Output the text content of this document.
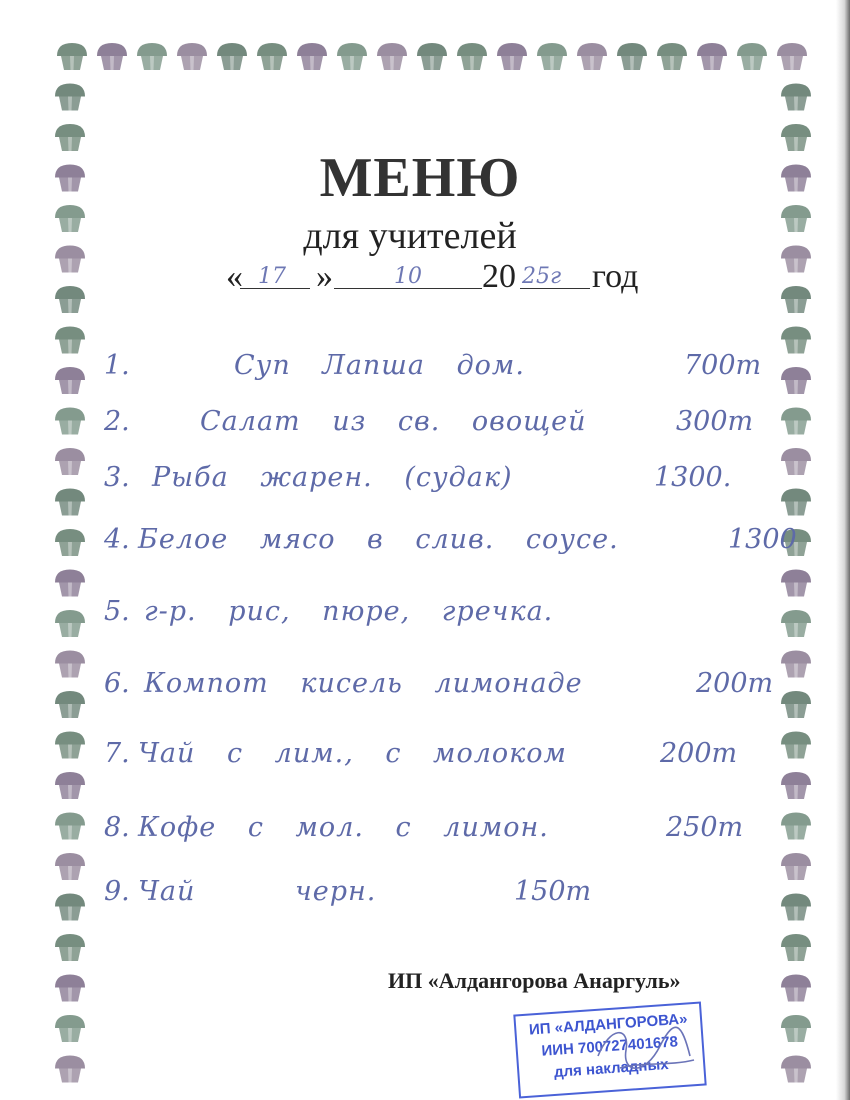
МЕНЮ
для учителей
« 17 »	10 20 25г год
1.	Суп Лапша дом.	700т
2.	Салат из св. овощей	300т
3. Рыба жарен. (судак)	1300.
4. Белое мясо в слив. соусе.	1300
5. г-р. рис, пюре, гречка.
6. Компот кисель лимонаде	200т
7. Чай с лим., с молоком	200т
8. Кофе с мол. с лимон.	250т
9. Чай черн.	150т
ИП «Алдангорова Анаргуль»
ИП «АЛДАНГОРОВА»
ИИН 700727401678
для накладных
